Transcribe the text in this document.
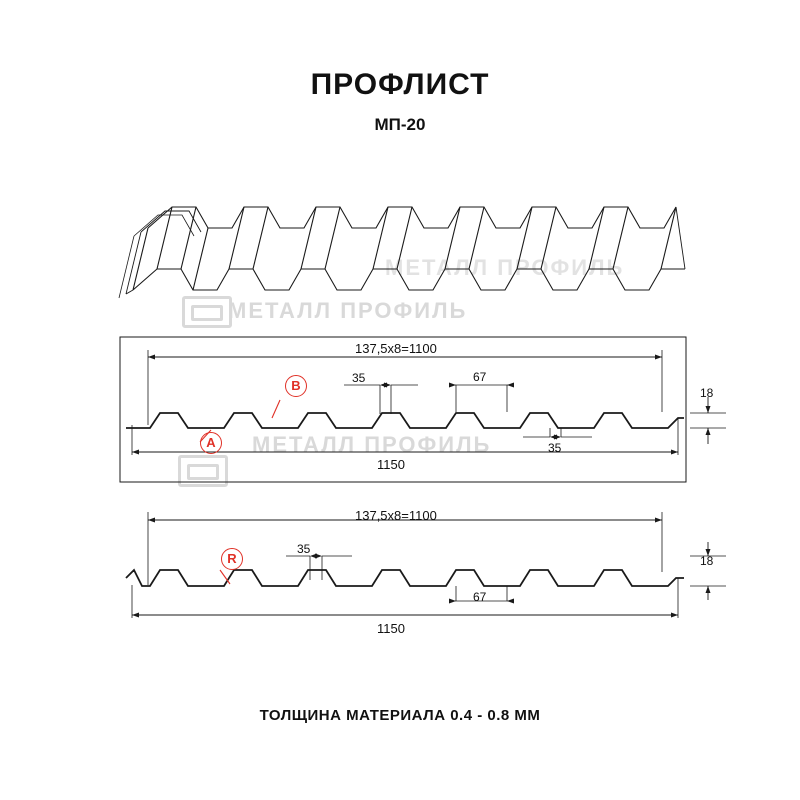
ПРОФЛИСТ
МП-20
МЕТАЛЛ ПРОФИЛЬ
МЕТАЛЛ ПРОФИЛЬ
МЕТАЛЛ ПРОФИЛЬ
137,5х8=1100
1150
18
35	67
35
A
B
137,5х8=1100
1150
18
35
67
R
ТОЛЩИНА МАТЕРИАЛА 0.4 - 0.8 ММ
